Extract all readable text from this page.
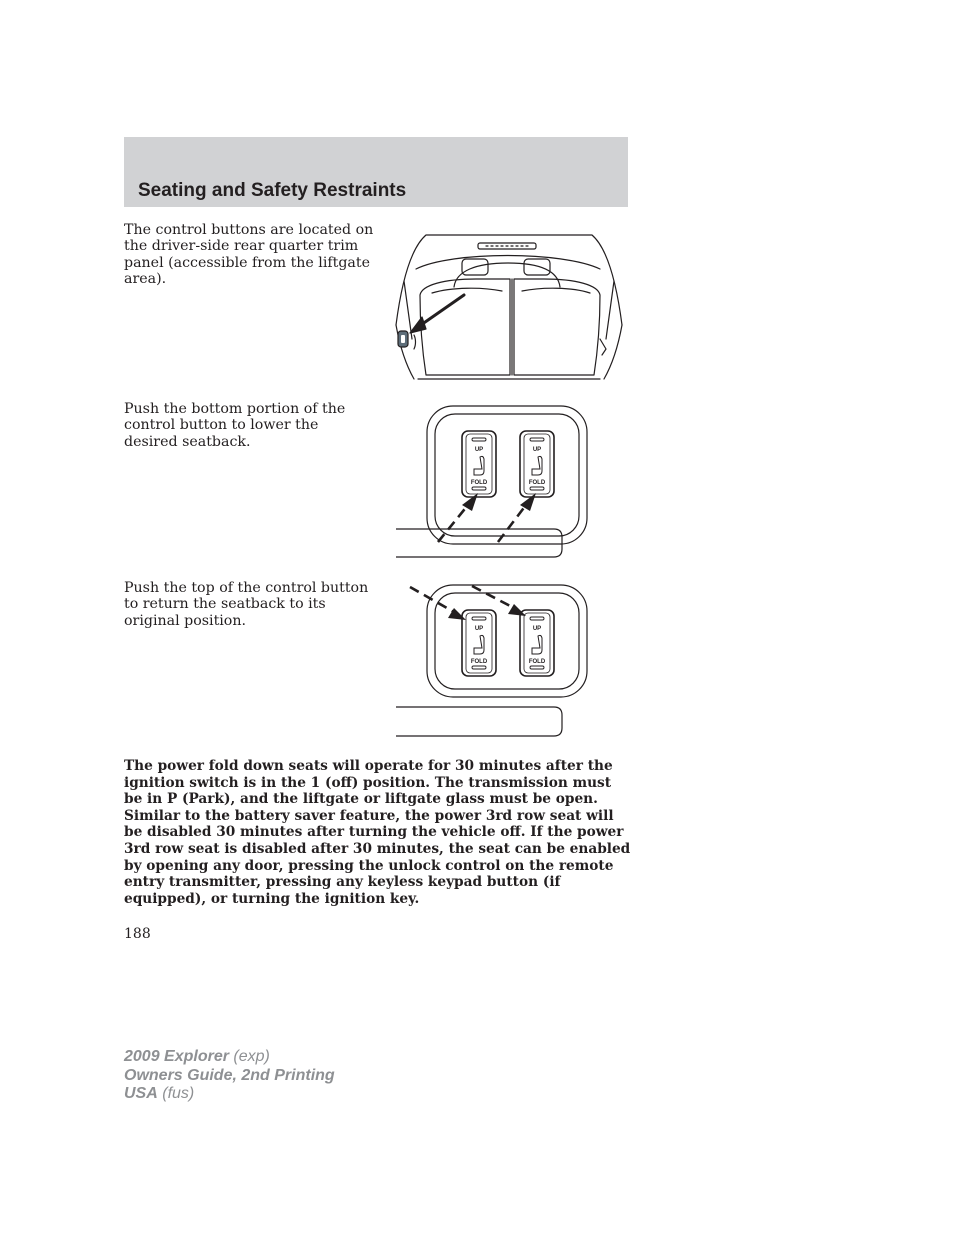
Seating and Safety Restraints
The control buttons are located on the driver-side rear quarter trim panel (accessible from the liftgate area).
Push the bottom portion of the control button to lower the desired seatback.
UP
FOLD
UP
FOLD
Push the top of the control button to return the seatback to its original position.
UP
FOLD
UP
FOLD
The power fold down seats will operate for 30 minutes after the ignition switch is in the 1 (off) position. The transmission must be in P (Park), and the liftgate or liftgate glass must be open. Similar to the battery saver feature, the power 3rd row seat will be disabled 30 minutes after turning the vehicle off. If the power 3rd row seat is disabled after 30 minutes, the seat can be enabled by opening any door, pressing the unlock control on the remote entry transmitter, pressing any keyless keypad button (if equipped), or turning the ignition key.
188
2009 Explorer (exp)
Owners Guide, 2nd Printing
USA (fus)
